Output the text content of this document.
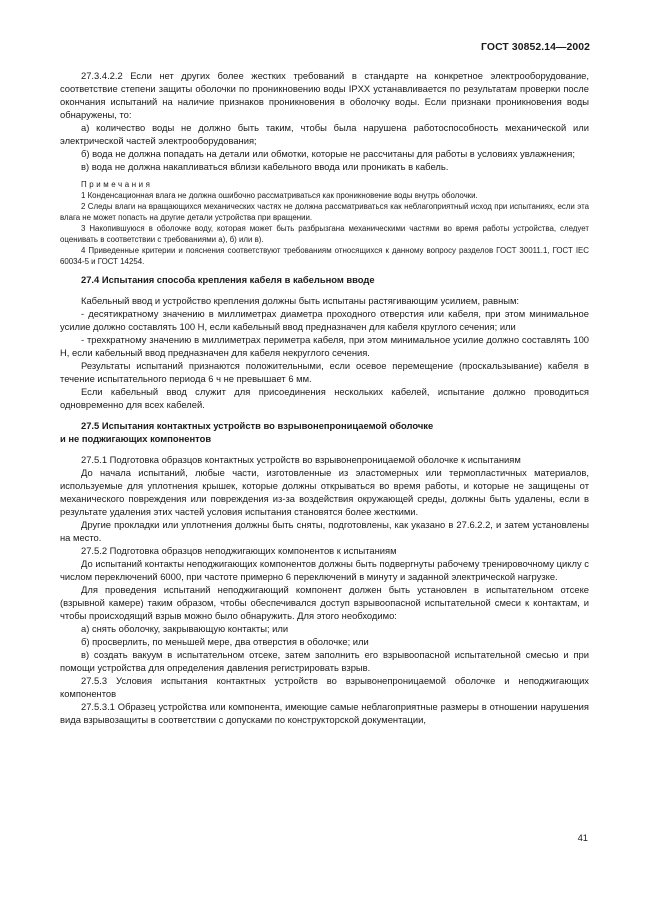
ГОСТ 30852.14—2002

27.3.4.2.2 Если нет других более жестких требований в стандарте на конкретное электрооборудование, соответствие степени защиты оболочки по проникновению воды IPXX устанавливается по результатам проверки после окончания испытаний на наличие признаков проникновения в оболочку воды. Если признаки проникновения воды обнаружены, то:

а) количество воды не должно быть таким, чтобы была нарушена работоспособность механической или электрической частей электрооборудования;

б) вода не должна попадать на детали или обмотки, которые не рассчитаны для работы в условиях увлажнения;

в) вода не должна накапливаться вблизи кабельного ввода или проникать в кабель.

Примечания

1 Конденсационная влага не должна ошибочно рассматриваться как проникновение воды внутрь оболочки.

2 Следы влаги на вращающихся механических частях не должна рассматриваться как неблагоприятный исход при испытаниях, если эта влага не может попасть на другие детали устройства при вращении.

3 Накопившуюся в оболочке воду, которая может быть разбрызгана механическими частями во время работы устройства, следует оценивать в соответствии с требованиями а), б) или в).

4 Приведенные критерии и пояснения соответствуют требованиям относящихся к данному вопросу разделов ГОСТ 30011.1, ГОСТ IEC 60034-5 и ГОСТ 14254.

27.4 Испытания способа крепления кабеля в кабельном вводе

Кабельный ввод и устройство крепления должны быть испытаны растягивающим усилием, равным:

- десятикратному значению в миллиметрах диаметра проходного отверстия или кабеля, при этом минимальное усилие должно составлять 100 Н, если кабельный ввод предназначен для кабеля круглого сечения; или

- трехкратному значению в миллиметрах периметра кабеля, при этом минимальное усилие должно составлять 100 Н, если кабельный ввод предназначен для кабеля некруглого сечения.

Результаты испытаний признаются положительными, если осевое перемещение (проскальзывание) кабеля в течение испытательного периода 6 ч не превышает 6 мм.

Если кабельный ввод служит для присоединения нескольких кабелей, испытание должно проводиться одновременно для всех кабелей.

27.5 Испытания контактных устройств во взрывонепроницаемой оболочке
и не поджигающих компонентов

27.5.1 Подготовка образцов контактных устройств во взрывонепроницаемой оболочке к испытаниям

До начала испытаний, любые части, изготовленные из эластомерных или термопластичных материалов, используемые для уплотнения крышек, которые должны открываться во время работы, и которые не защищены от механического повреждения или повреждения из-за воздействия окружающей среды, должны быть удалены, если в результате удаления этих частей условия испытания становятся более жесткими.

Другие прокладки или уплотнения должны быть сняты, подготовлены, как указано в 27.6.2.2, и затем установлены на место.

27.5.2 Подготовка образцов неподжигающих компонентов к испытаниям

До испытаний контакты неподжигающих компонентов должны быть подвергнуты рабочему тренировочному циклу с числом переключений 6000, при частоте примерно 6 переключений в минуту и заданной электрической нагрузке.

Для проведения испытаний неподжигающий компонент должен быть установлен в испытательном отсеке (взрывной камере) таким образом, чтобы обеспечивался доступ взрывоопасной испытательной смеси к контактам, и чтобы происходящий взрыв можно было обнаружить. Для этого необходимо:

а) снять оболочку, закрывающую контакты; или

б) просверлить, по меньшей мере, два отверстия в оболочке; или

в) создать вакуум в испытательном отсеке, затем заполнить его взрывоопасной испытательной смесью и при помощи устройства для определения давления регистрировать взрыв.

27.5.3 Условия испытания контактных устройств во взрывонепроницаемой оболочке и неподжигающих компонентов

27.5.3.1 Образец устройства или компонента, имеющие самые неблагоприятные размеры в отношении нарушения вида взрывозащиты в соответствии с допусками по конструкторской документации,

41
